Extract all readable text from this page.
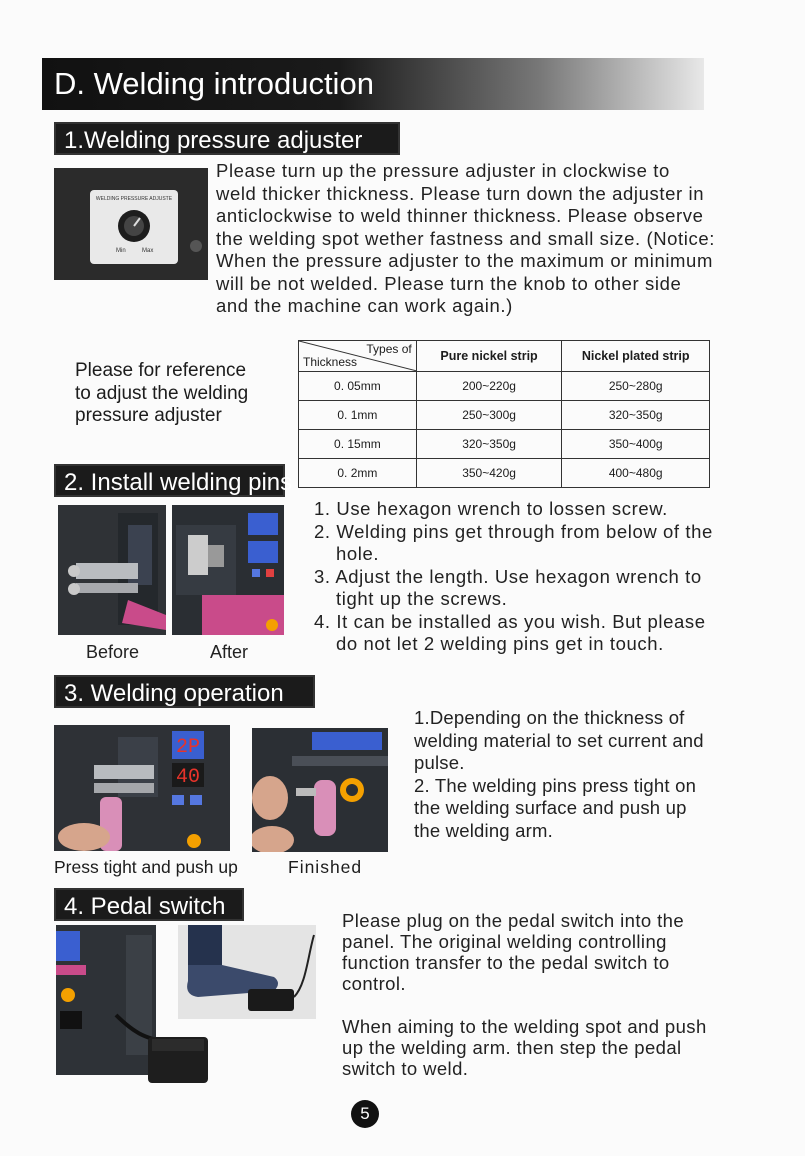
D. Welding introduction
1.Welding pressure adjuster
WELDING PRESSURE ADJUSTE
Min	Max
Please turn up the pressure adjuster in clockwise to weld thicker thickness. Please turn down the adjuster in anticlockwise to weld thinner thickness. Please observe the welding spot wether fastness and small size. (Notice: When the pressure adjuster to the maximum or minimum will be not welded. Please turn the knob to other side and the machine can work again.)
Please for reference to adjust the welding pressure adjuster
Types of
Thickness	Pure nickel strip	Nickel plated strip
0. 05mm	200~220g	250~280g
0. 1mm	250~300g	320~350g
0. 15mm	320~350g	350~400g
0. 2mm	350~420g	400~480g
2. Install welding pins
Before	After
1. Use hexagon wrench to lossen screw.
2. Welding pins get through from below of the hole.
3. Adjust the length. Use hexagon wrench to tight up the screws.
4. It can be installed as you wish. But please do not let 2 welding pins get in touch.
3. Welding operation
2P
40
Press tight and push up	Finished
1.Depending on the thickness of welding material to set current and pulse.
2. The welding pins press tight on the welding surface and push up the welding arm.
4. Pedal switch
Please plug on the pedal switch into the panel. The original welding controlling function transfer to the pedal switch to control.
When aiming to the welding spot and push up the welding arm. then step the pedal switch to weld.
5
